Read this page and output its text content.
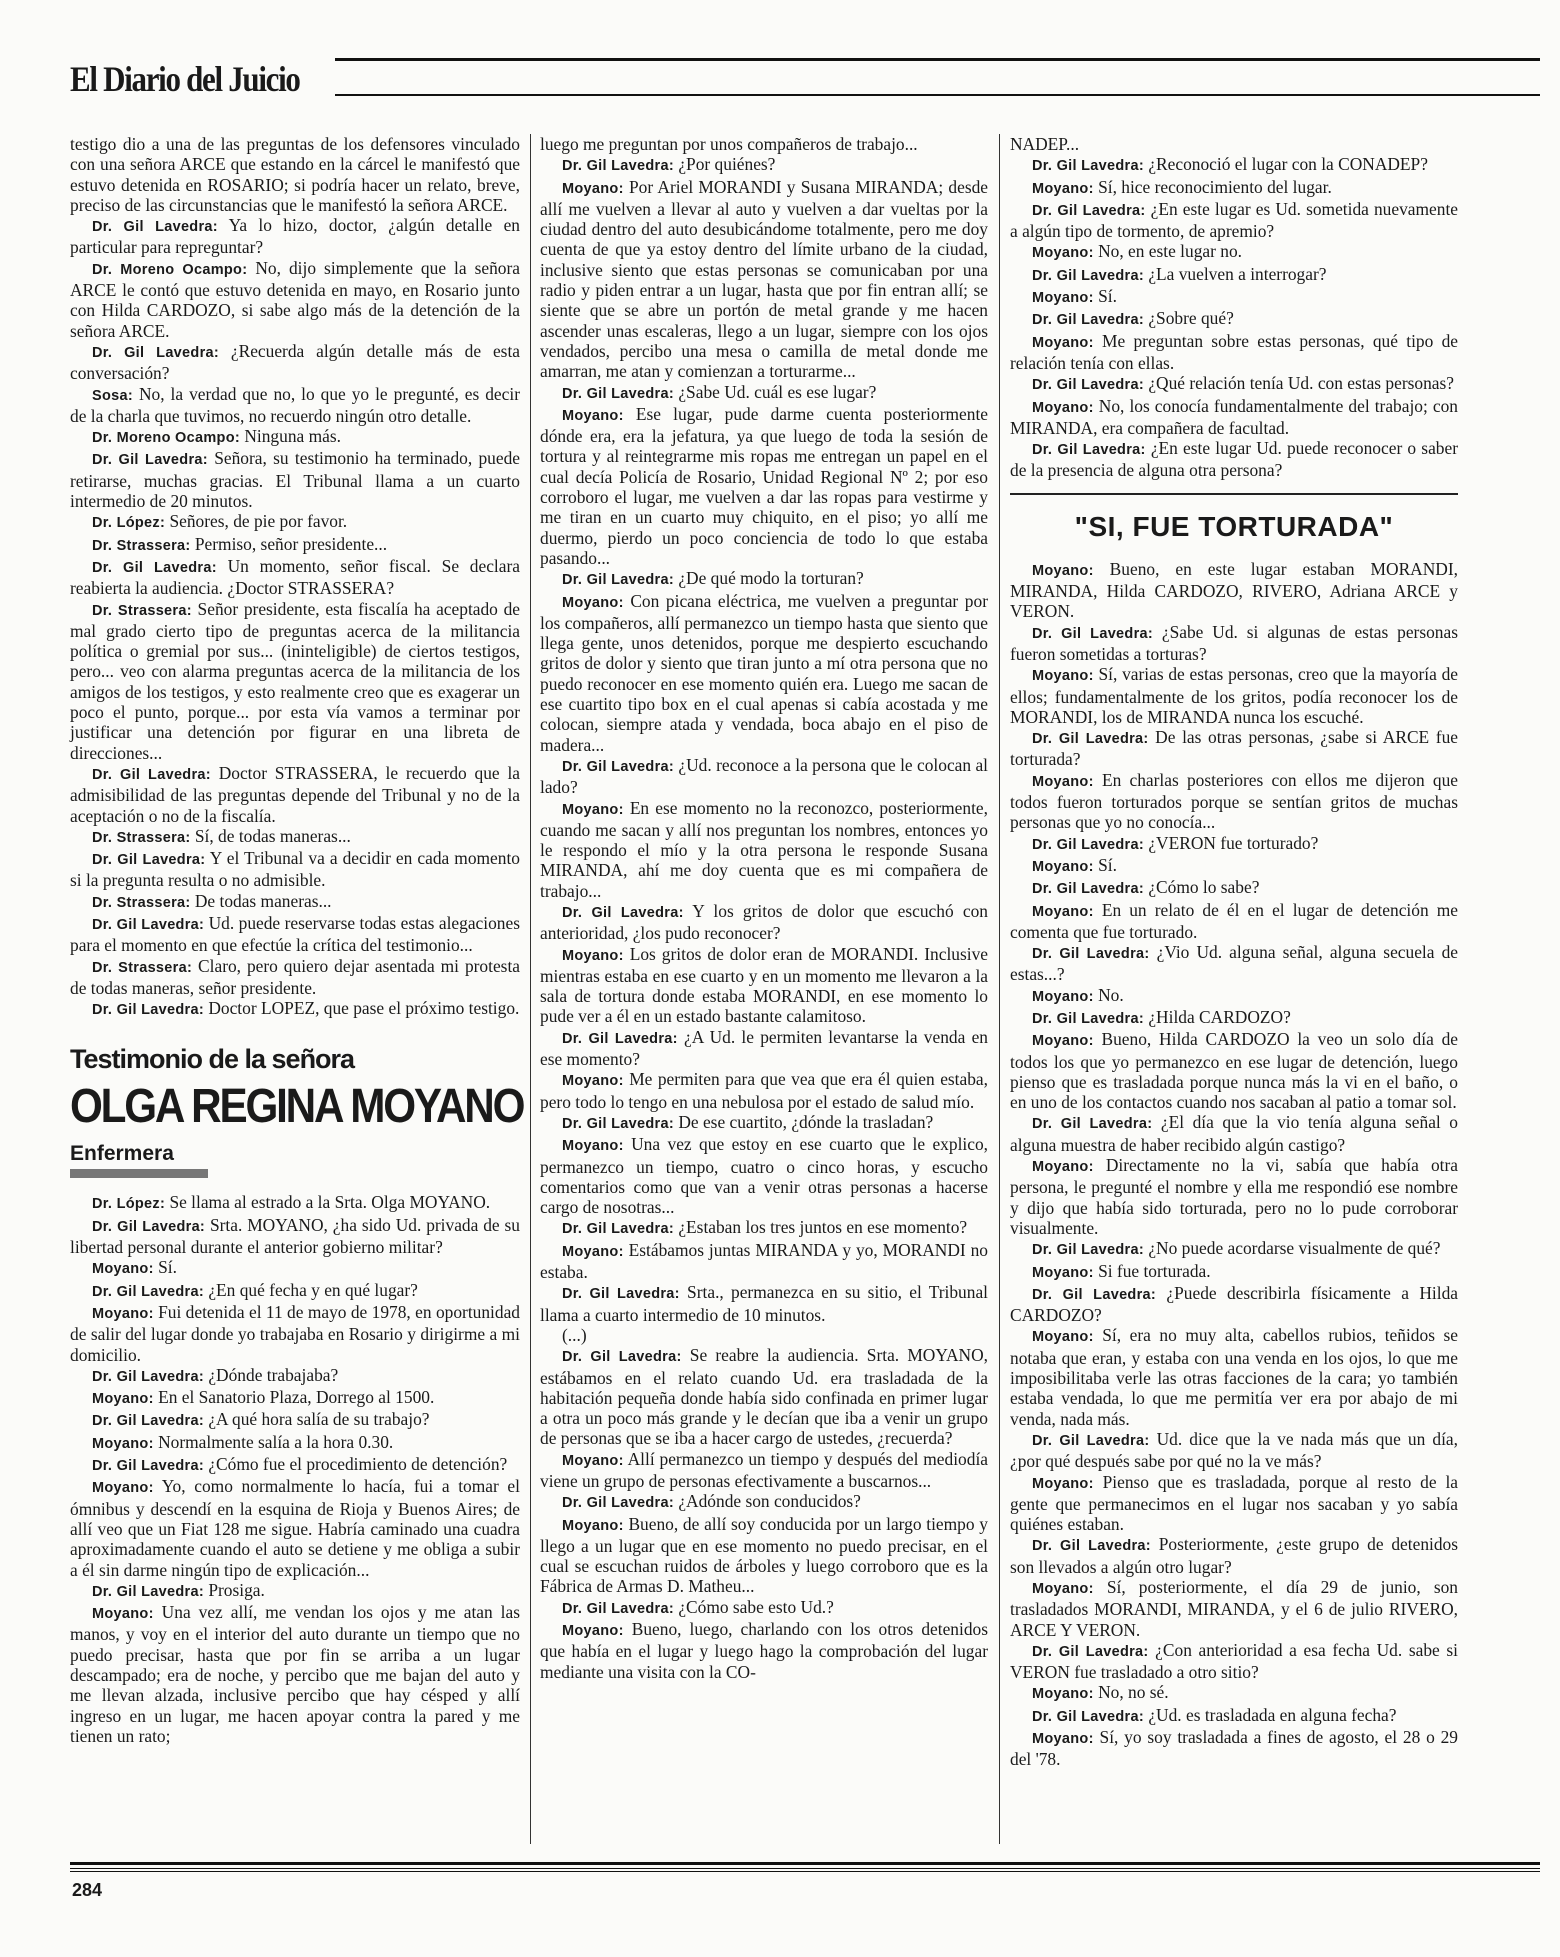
El Diario del Juicio

testigo dio a una de las preguntas de los defensores vinculado con una señora ARCE que estando en la cárcel le manifestó que estuvo detenida en ROSARIO; si podría hacer un relato, breve, preciso de las circunstancias que le manifestó la señora ARCE.

Dr. Gil Lavedra: Ya lo hizo, doctor, ¿algún detalle en particular para repreguntar?

Dr. Moreno Ocampo: No, dijo simplemente que la señora ARCE le contó que estuvo detenida en mayo, en Rosario junto con Hilda CARDOZO, si sabe algo más de la detención de la señora ARCE.

Dr. Gil Lavedra: ¿Recuerda algún detalle más de esta conversación?

Sosa: No, la verdad que no, lo que yo le pregunté, es decir de la charla que tuvimos, no recuerdo ningún otro detalle.

Dr. Moreno Ocampo: Ninguna más.

Dr. Gil Lavedra: Señora, su testimonio ha terminado, puede retirarse, muchas gracias. El Tribunal llama a un cuarto intermedio de 20 minutos.

Dr. López: Señores, de pie por favor.

Dr. Strassera: Permiso, señor presidente...

Dr. Gil Lavedra: Un momento, señor fiscal. Se declara reabierta la audiencia. ¿Doctor STRASSERA?

Dr. Strassera: Señor presidente, esta fiscalía ha aceptado de mal grado cierto tipo de preguntas acerca de la militancia política o gremial por sus... (ininteligible) de ciertos testigos, pero... veo con alarma preguntas acerca de la militancia de los amigos de los testigos, y esto realmente creo que es exagerar un poco el punto, porque... por esta vía vamos a terminar por justificar una detención por figurar en una libreta de direcciones...

Dr. Gil Lavedra: Doctor STRASSERA, le recuerdo que la admisibilidad de las preguntas depende del Tribunal y no de la aceptación o no de la fiscalía.

Dr. Strassera: Sí, de todas maneras...

Dr. Gil Lavedra: Y el Tribunal va a decidir en cada momento si la pregunta resulta o no admisible.

Dr. Strassera: De todas maneras...

Dr. Gil Lavedra: Ud. puede reservarse todas estas alegaciones para el momento en que efectúe la crítica del testimonio...

Dr. Strassera: Claro, pero quiero dejar asentada mi protesta de todas maneras, señor presidente.

Dr. Gil Lavedra: Doctor LOPEZ, que pase el próximo testigo.

Testimonio de la señora
OLGA REGINA MOYANO
Enfermera

Dr. López: Se llama al estrado a la Srta. Olga MOYANO.

Dr. Gil Lavedra: Srta. MOYANO, ¿ha sido Ud. privada de su libertad personal durante el anterior gobierno militar?

Moyano: Sí.

Dr. Gil Lavedra: ¿En qué fecha y en qué lugar?

Moyano: Fui detenida el 11 de mayo de 1978, en oportunidad de salir del lugar donde yo trabajaba en Rosario y dirigirme a mi domicilio.

Dr. Gil Lavedra: ¿Dónde trabajaba?

Moyano: En el Sanatorio Plaza, Dorrego al 1500.

Dr. Gil Lavedra: ¿A qué hora salía de su trabajo?

Moyano: Normalmente salía a la hora 0.30.

Dr. Gil Lavedra: ¿Cómo fue el procedimiento de detención?

Moyano: Yo, como normalmente lo hacía, fui a tomar el ómnibus y descendí en la esquina de Rioja y Buenos Aires; de allí veo que un Fiat 128 me sigue. Habría caminado una cuadra aproximadamente cuando el auto se detiene y me obliga a subir a él sin darme ningún tipo de explicación...

Dr. Gil Lavedra: Prosiga.

Moyano: Una vez allí, me vendan los ojos y me atan las manos, y voy en el interior del auto durante un tiempo que no puedo precisar, hasta que por fin se arriba a un lugar descampado; era de noche, y percibo que me bajan del auto y me llevan alzada, inclusive percibo que hay césped y allí ingreso en un lugar, me hacen apoyar contra la pared y me tienen un rato;

luego me preguntan por unos compañeros de trabajo...

Dr. Gil Lavedra: ¿Por quiénes?

Moyano: Por Ariel MORANDI y Susana MIRANDA; desde allí me vuelven a llevar al auto y vuelven a dar vueltas por la ciudad dentro del auto desubicándome totalmente, pero me doy cuenta de que ya estoy dentro del límite urbano de la ciudad, inclusive siento que estas personas se comunicaban por una radio y piden entrar a un lugar, hasta que por fin entran allí; se siente que se abre un portón de metal grande y me hacen ascender unas escaleras, llego a un lugar, siempre con los ojos vendados, percibo una mesa o camilla de metal donde me amarran, me atan y comienzan a torturarme...

Dr. Gil Lavedra: ¿Sabe Ud. cuál es ese lugar?

Moyano: Ese lugar, pude darme cuenta posteriormente dónde era, era la jefatura, ya que luego de toda la sesión de tortura y al reintegrarme mis ropas me entregan un papel en el cual decía Policía de Rosario, Unidad Regional Nº 2; por eso corroboro el lugar, me vuelven a dar las ropas para vestirme y me tiran en un cuarto muy chiquito, en el piso; yo allí me duermo, pierdo un poco conciencia de todo lo que estaba pasando...

Dr. Gil Lavedra: ¿De qué modo la torturan?

Moyano: Con picana eléctrica, me vuelven a preguntar por los compañeros, allí permanezco un tiempo hasta que siento que llega gente, unos detenidos, porque me despierto escuchando gritos de dolor y siento que tiran junto a mí otra persona que no puedo reconocer en ese momento quién era. Luego me sacan de ese cuartito tipo box en el cual apenas si cabía acostada y me colocan, siempre atada y vendada, boca abajo en el piso de madera...

Dr. Gil Lavedra: ¿Ud. reconoce a la persona que le colocan al lado?

Moyano: En ese momento no la reconozco, posteriormente, cuando me sacan y allí nos preguntan los nombres, entonces yo le respondo el mío y la otra persona le responde Susana MIRANDA, ahí me doy cuenta que es mi compañera de trabajo...

Dr. Gil Lavedra: Y los gritos de dolor que escuchó con anterioridad, ¿los pudo reconocer?

Moyano: Los gritos de dolor eran de MORANDI. Inclusive mientras estaba en ese cuarto y en un momento me llevaron a la sala de tortura donde estaba MORANDI, en ese momento lo pude ver a él en un estado bastante calamitoso.

Dr. Gil Lavedra: ¿A Ud. le permiten levantarse la venda en ese momento?

Moyano: Me permiten para que vea que era él quien estaba, pero todo lo tengo en una nebulosa por el estado de salud mío.

Dr. Gil Lavedra: De ese cuartito, ¿dónde la trasladan?

Moyano: Una vez que estoy en ese cuarto que le explico, permanezco un tiempo, cuatro o cinco horas, y escucho comentarios como que van a venir otras personas a hacerse cargo de nosotras...

Dr. Gil Lavedra: ¿Estaban los tres juntos en ese momento?

Moyano: Estábamos juntas MIRANDA y yo, MORANDI no estaba.

Dr. Gil Lavedra: Srta., permanezca en su sitio, el Tribunal llama a cuarto intermedio de 10 minutos.

(...)

Dr. Gil Lavedra: Se reabre la audiencia. Srta. MOYANO, estábamos en el relato cuando Ud. era trasladada de la habitación pequeña donde había sido confinada en primer lugar a otra un poco más grande y le decían que iba a venir un grupo de personas que se iba a hacer cargo de ustedes, ¿recuerda?

Moyano: Allí permanezco un tiempo y después del mediodía viene un grupo de personas efectivamente a buscarnos...

Dr. Gil Lavedra: ¿Adónde son conducidos?

Moyano: Bueno, de allí soy conducida por un largo tiempo y llego a un lugar que en ese momento no puedo precisar, en el cual se escuchan ruidos de árboles y luego corroboro que es la Fábrica de Armas D. Matheu...

Dr. Gil Lavedra: ¿Cómo sabe esto Ud.?

Moyano: Bueno, luego, charlando con los otros detenidos que había en el lugar y luego hago la comprobación del lugar mediante una visita con la CO-

NADEP...

Dr. Gil Lavedra: ¿Reconoció el lugar con la CONADEP?

Moyano: Sí, hice reconocimiento del lugar.

Dr. Gil Lavedra: ¿En este lugar es Ud. sometida nuevamente a algún tipo de tormento, de apremio?

Moyano: No, en este lugar no.

Dr. Gil Lavedra: ¿La vuelven a interrogar?

Moyano: Sí.

Dr. Gil Lavedra: ¿Sobre qué?

Moyano: Me preguntan sobre estas personas, qué tipo de relación tenía con ellas.

Dr. Gil Lavedra: ¿Qué relación tenía Ud. con estas personas?

Moyano: No, los conocía fundamentalmente del trabajo; con MIRANDA, era compañera de facultad.

Dr. Gil Lavedra: ¿En este lugar Ud. puede reconocer o saber de la presencia de alguna otra persona?

"SI, FUE TORTURADA"

Moyano: Bueno, en este lugar estaban MORANDI, MIRANDA, Hilda CARDOZO, RIVERO, Adriana ARCE y VERON.

Dr. Gil Lavedra: ¿Sabe Ud. si algunas de estas personas fueron sometidas a torturas?

Moyano: Sí, varias de estas personas, creo que la mayoría de ellos; fundamentalmente de los gritos, podía reconocer los de MORANDI, los de MIRANDA nunca los escuché.

Dr. Gil Lavedra: De las otras personas, ¿sabe si ARCE fue torturada?

Moyano: En charlas posteriores con ellos me dijeron que todos fueron torturados porque se sentían gritos de muchas personas que yo no conocía...

Dr. Gil Lavedra: ¿VERON fue torturado?

Moyano: Sí.

Dr. Gil Lavedra: ¿Cómo lo sabe?

Moyano: En un relato de él en el lugar de detención me comenta que fue torturado.

Dr. Gil Lavedra: ¿Vio Ud. alguna señal, alguna secuela de estas...?

Moyano: No.

Dr. Gil Lavedra: ¿Hilda CARDOZO?

Moyano: Bueno, Hilda CARDOZO la veo un solo día de todos los que yo permanezco en ese lugar de detención, luego pienso que es trasladada porque nunca más la vi en el baño, o en uno de los contactos cuando nos sacaban al patio a tomar sol.

Dr. Gil Lavedra: ¿El día que la vio tenía alguna señal o alguna muestra de haber recibido algún castigo?

Moyano: Directamente no la vi, sabía que había otra persona, le pregunté el nombre y ella me respondió ese nombre y dijo que había sido torturada, pero no lo pude corroborar visualmente.

Dr. Gil Lavedra: ¿No puede acordarse visualmente de qué?

Moyano: Si fue torturada.

Dr. Gil Lavedra: ¿Puede describirla físicamente a Hilda CARDOZO?

Moyano: Sí, era no muy alta, cabellos rubios, teñidos se notaba que eran, y estaba con una venda en los ojos, lo que me imposibilitaba verle las otras facciones de la cara; yo también estaba vendada, lo que me permitía ver era por abajo de mi venda, nada más.

Dr. Gil Lavedra: Ud. dice que la ve nada más que un día, ¿por qué después sabe por qué no la ve más?

Moyano: Pienso que es trasladada, porque al resto de la gente que permanecimos en el lugar nos sacaban y yo sabía quiénes estaban.

Dr. Gil Lavedra: Posteriormente, ¿este grupo de detenidos son llevados a algún otro lugar?

Moyano: Sí, posteriormente, el día 29 de junio, son trasladados MORANDI, MIRANDA, y el 6 de julio RIVERO, ARCE Y VERON.

Dr. Gil Lavedra: ¿Con anterioridad a esa fecha Ud. sabe si VERON fue trasladado a otro sitio?

Moyano: No, no sé.

Dr. Gil Lavedra: ¿Ud. es trasladada en alguna fecha?

Moyano: Sí, yo soy trasladada a fines de agosto, el 28 o 29 del '78.

284
